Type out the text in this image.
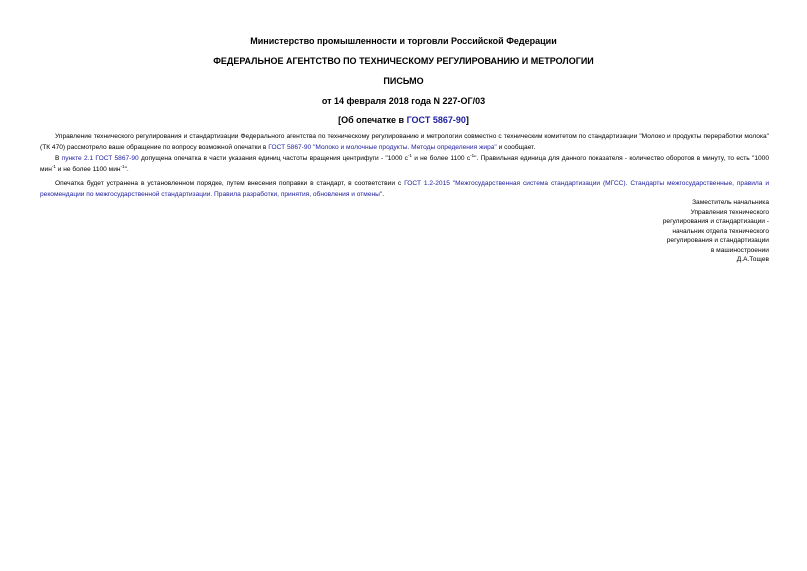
Министерство промышленности и торговли Российской Федерации
ФЕДЕРАЛЬНОЕ АГЕНТСТВО ПО ТЕХНИЧЕСКОМУ РЕГУЛИРОВАНИЮ И МЕТРОЛОГИИ
ПИСЬМО
от 14 февраля 2018 года N 227-ОГ/03
[Об опечатке в ГОСТ 5867-90]
Управление технического регулирования и стандартизации Федерального агентства по техническому регулированию и метрологии совместно с техническим комитетом по стандартизации "Молоко и продукты переработки молока" (ТК 470) рассмотрело ваше обращение по вопросу возможной опечатки в ГОСТ 5867-90 "Молоко и молочные продукты. Методы определения жира" и сообщает.
В пункте 2.1 ГОСТ 5867-90 допущена опечатка в части указания единиц частоты вращения центрифуги - "1000 $с^{-1}$ и не более 1100 $с^{-1}$". Правильная единица для данного показателя - количество оборотов в минуту, то есть "1000 мин$^{-1}$ и не более 1100 мин$^{-1}$".
Опечатка будет устранена в установленном порядке, путем внесения поправки в стандарт, в соответствии с ГОСТ 1.2-2015 "Межгосударственная система стандартизации (МГСС). Стандарты межгосударственные, правила и рекомендации по межгосударственной стандартизации. Правила разработки, принятия, обновления и отмены".
Заместитель начальника
Управления технического
регулирования и стандартизации -
начальник отдела технического
регулирования и стандартизации
в машиностроении
Д.А.Тощев
